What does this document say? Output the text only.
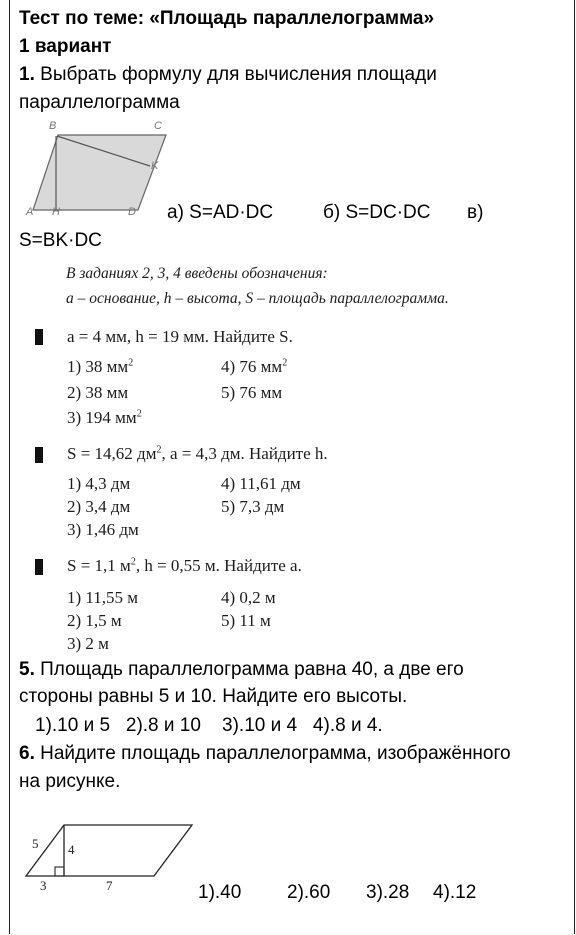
Тест по теме: «Площадь параллелограмма»
1 вариант
1. Выбрать формулу для вычисления площади
параллелограмма
B	C
K
A H	D а) S=AD·DC	б) S=DC·DC в)
S=BK·DC
В заданиях 2, 3, 4 введены обозначения:
a – основание, h – высота, S – площадь параллелограмма.
a = 4 мм, h = 19 мм. Найдите S.
1) 38 $мм^2$
2) 38 мм
3) 194 $мм^2$
4) 76 $мм^2$
5) 76 мм
S = 14,62 $дм^2$, a = 4,3 дм. Найдите h.
1) 4,3 дм
2) 3,4 дм
3) 1,46 дм
4) 11,61 дм
5) 7,3 дм
S = 1,1 $м^2$, h = 0,55 м. Найдите a.
1) 11,55 м
2) 1,5 м
3) 2 м
4) 0,2 м
5) 11 м
5. Площадь параллелограмма равна 40, а две его
стороны равны 5 и 10. Найдите его высоты.
1).10 и 5   2).8 и 10    3).10 и 4   4).8 и 4.
6. Найдите площадь параллелограмма, изображённого
на рисунке.
5 4
3	7	1).40 2).60 3).28 4).12
